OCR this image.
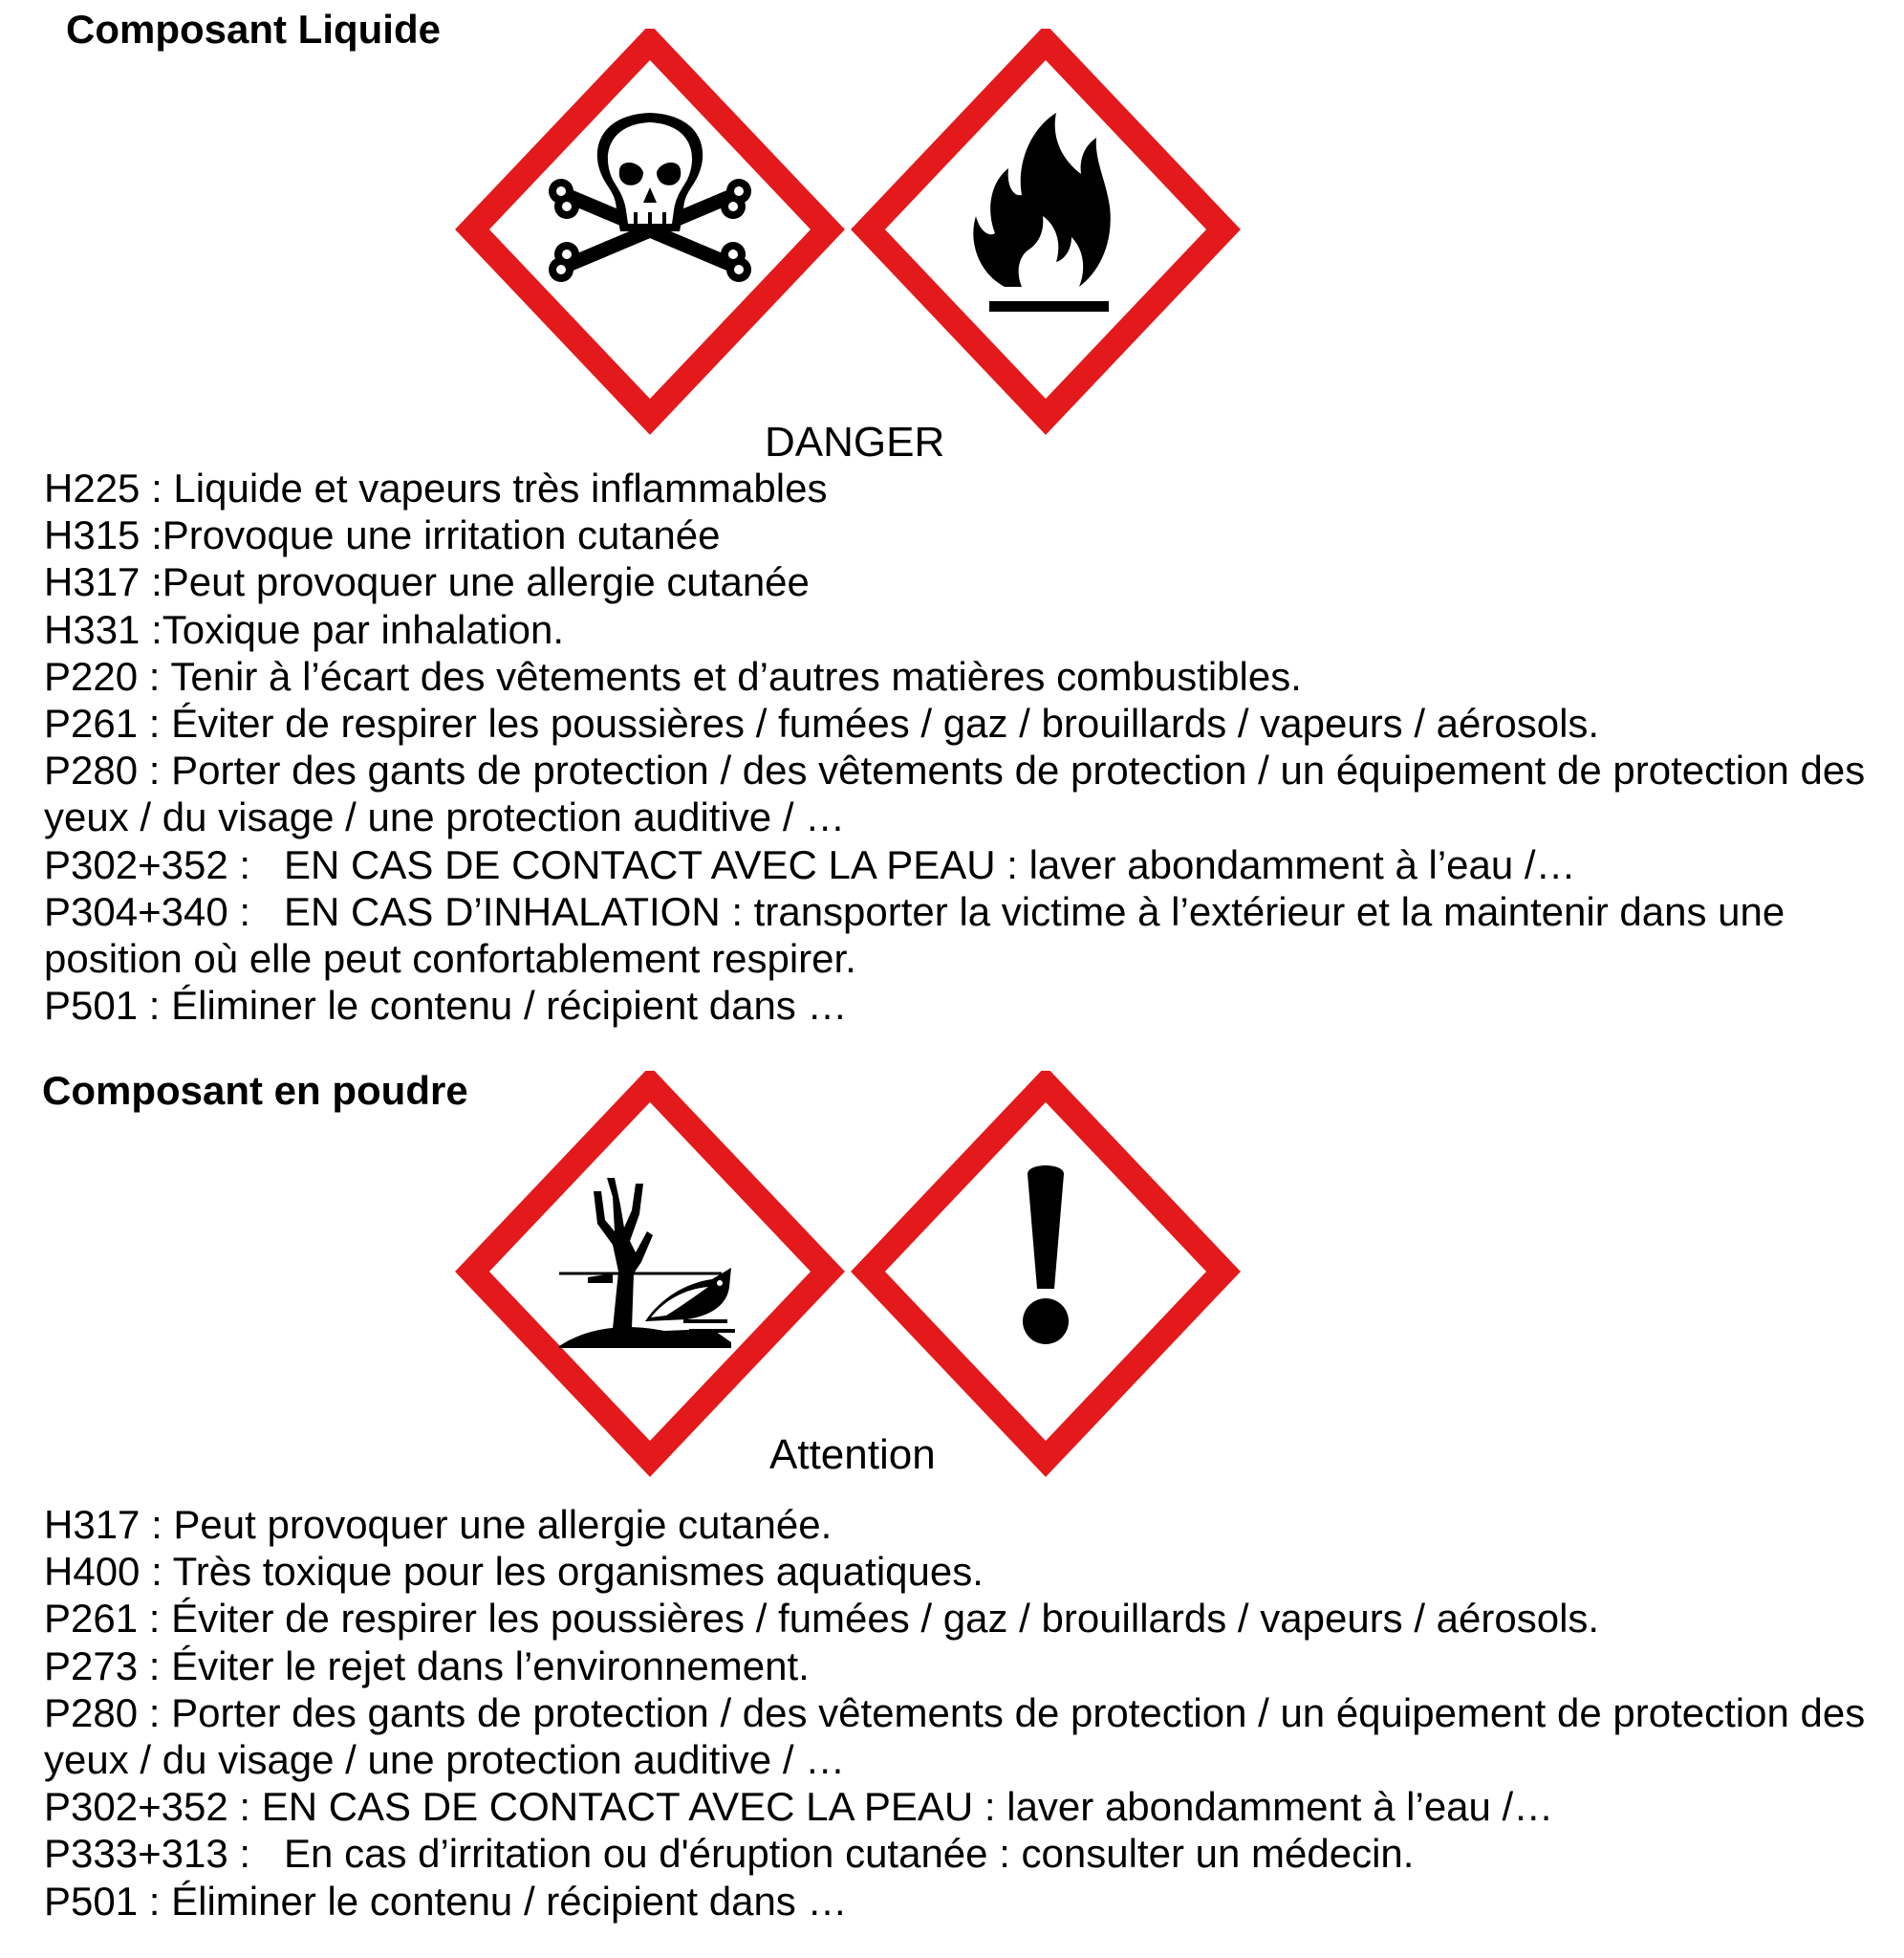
Composant Liquide
DANGER

H225 : Liquide et vapeurs très inflammables

H315 :Provoque une irritation cutanée

H317 :Peut provoquer une allergie cutanée

H331 :Toxique par inhalation.

P220 : Tenir à l’écart des vêtements et d’autres matières combustibles.

P261 : Éviter de respirer les poussières / fumées / gaz / brouillards / vapeurs / aérosols.

P280 : Porter des gants de protection / des vêtements de protection / un équipement de protection des yeux / du visage / une protection auditive / …

P302+352 :   EN CAS DE CONTACT AVEC LA PEAU : laver abondamment à l’eau /…

P304+340 :   EN CAS D’INHALATION : transporter la victime à l’extérieur et la maintenir dans une position où elle peut confortablement respirer.

P501 : Éliminer le contenu / récipient dans …

Composant en poudre
Attention

H317 : Peut provoquer une allergie cutanée.

H400 : Très toxique pour les organismes aquatiques.

P261 : Éviter de respirer les poussières / fumées / gaz / brouillards / vapeurs / aérosols.

P273 : Éviter le rejet dans l’environnement.

P280 : Porter des gants de protection / des vêtements de protection / un équipement de protection des yeux / du visage / une protection auditive / …

P302+352 : EN CAS DE CONTACT AVEC LA PEAU : laver abondamment à l’eau /…

P333+313 :   En cas d’irritation ou d'éruption cutanée : consulter un médecin.

P501 : Éliminer le contenu / récipient dans …
